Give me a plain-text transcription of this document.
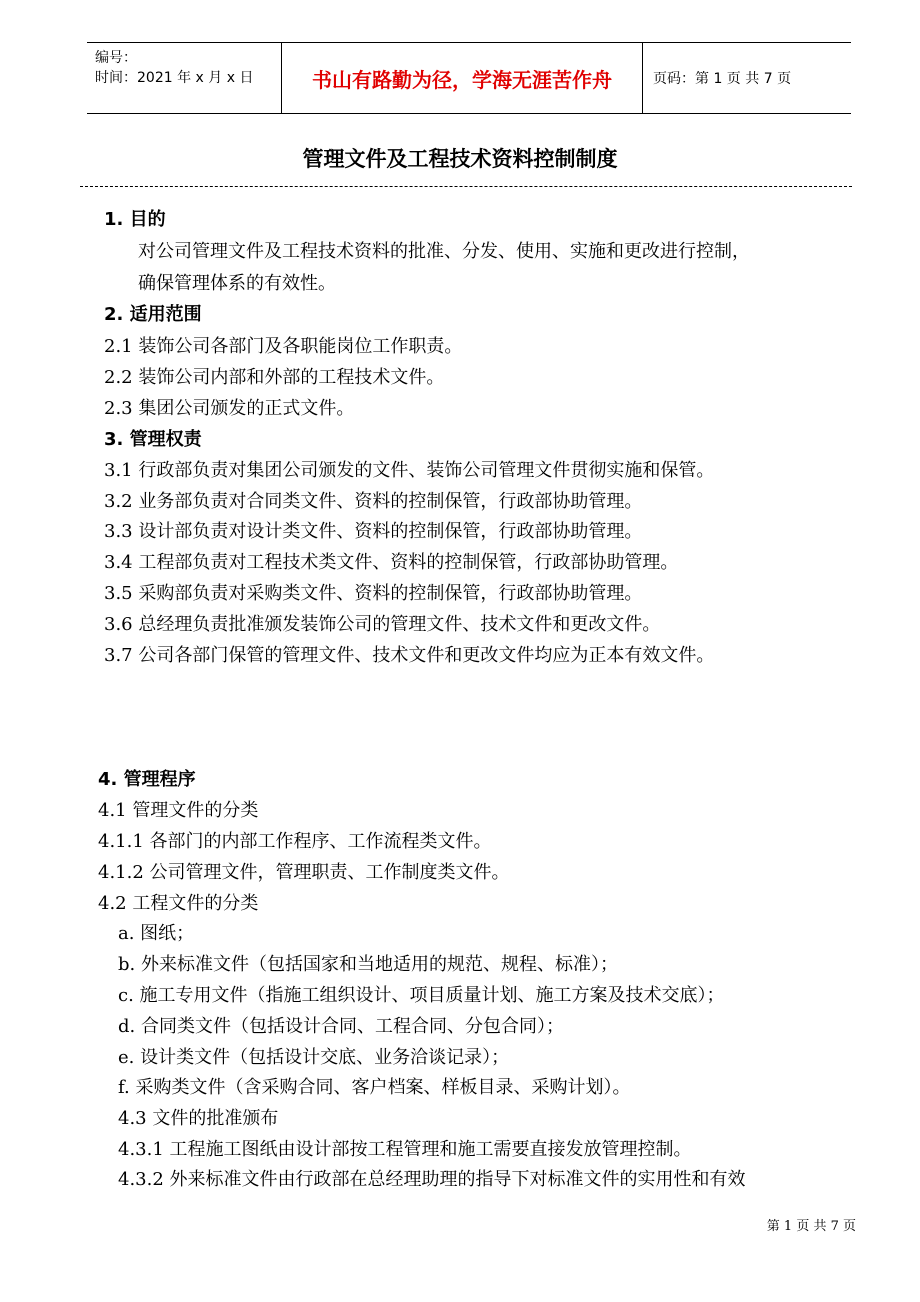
编号：
时间：2021 年 x 月 x 日	书山有路勤为径，学海无涯苦作舟	页码：第 1 页 共 7 页
管理文件及工程技术资料控制制度
1. 目的
对公司管理文件及工程技术资料的批准、分发、使用、实施和更改进行控制，
确保管理体系的有效性。
2. 适用范围
2.1 装饰公司各部门及各职能岗位工作职责。
2.2 装饰公司内部和外部的工程技术文件。
2.3 集团公司颁发的正式文件。
3. 管理权责
3.1 行政部负责对集团公司颁发的文件、装饰公司管理文件贯彻实施和保管。
3.2 业务部负责对合同类文件、资料的控制保管，行政部协助管理。
3.3 设计部负责对设计类文件、资料的控制保管，行政部协助管理。
3.4 工程部负责对工程技术类文件、资料的控制保管，行政部协助管理。
3.5 采购部负责对采购类文件、资料的控制保管，行政部协助管理。
3.6 总经理负责批准颁发装饰公司的管理文件、技术文件和更改文件。
3.7 公司各部门保管的管理文件、技术文件和更改文件均应为正本有效文件。
4. 管理程序
4.1 管理文件的分类
4.1.1 各部门的内部工作程序、工作流程类文件。
4.1.2 公司管理文件，管理职责、工作制度类文件。
4.2 工程文件的分类
a. 图纸；
b. 外来标准文件（包括国家和当地适用的规范、规程、标准）；
c. 施工专用文件（指施工组织设计、项目质量计划、施工方案及技术交底）；
d. 合同类文件（包括设计合同、工程合同、分包合同）；
e. 设计类文件（包括设计交底、业务洽谈记录）；
f. 采购类文件（含采购合同、客户档案、样板目录、采购计划）。
4.3 文件的批准颁布
4.3.1 工程施工图纸由设计部按工程管理和施工需要直接发放管理控制。
4.3.2 外来标准文件由行政部在总经理助理的指导下对标准文件的实用性和有效
第 1 页 共 7 页
